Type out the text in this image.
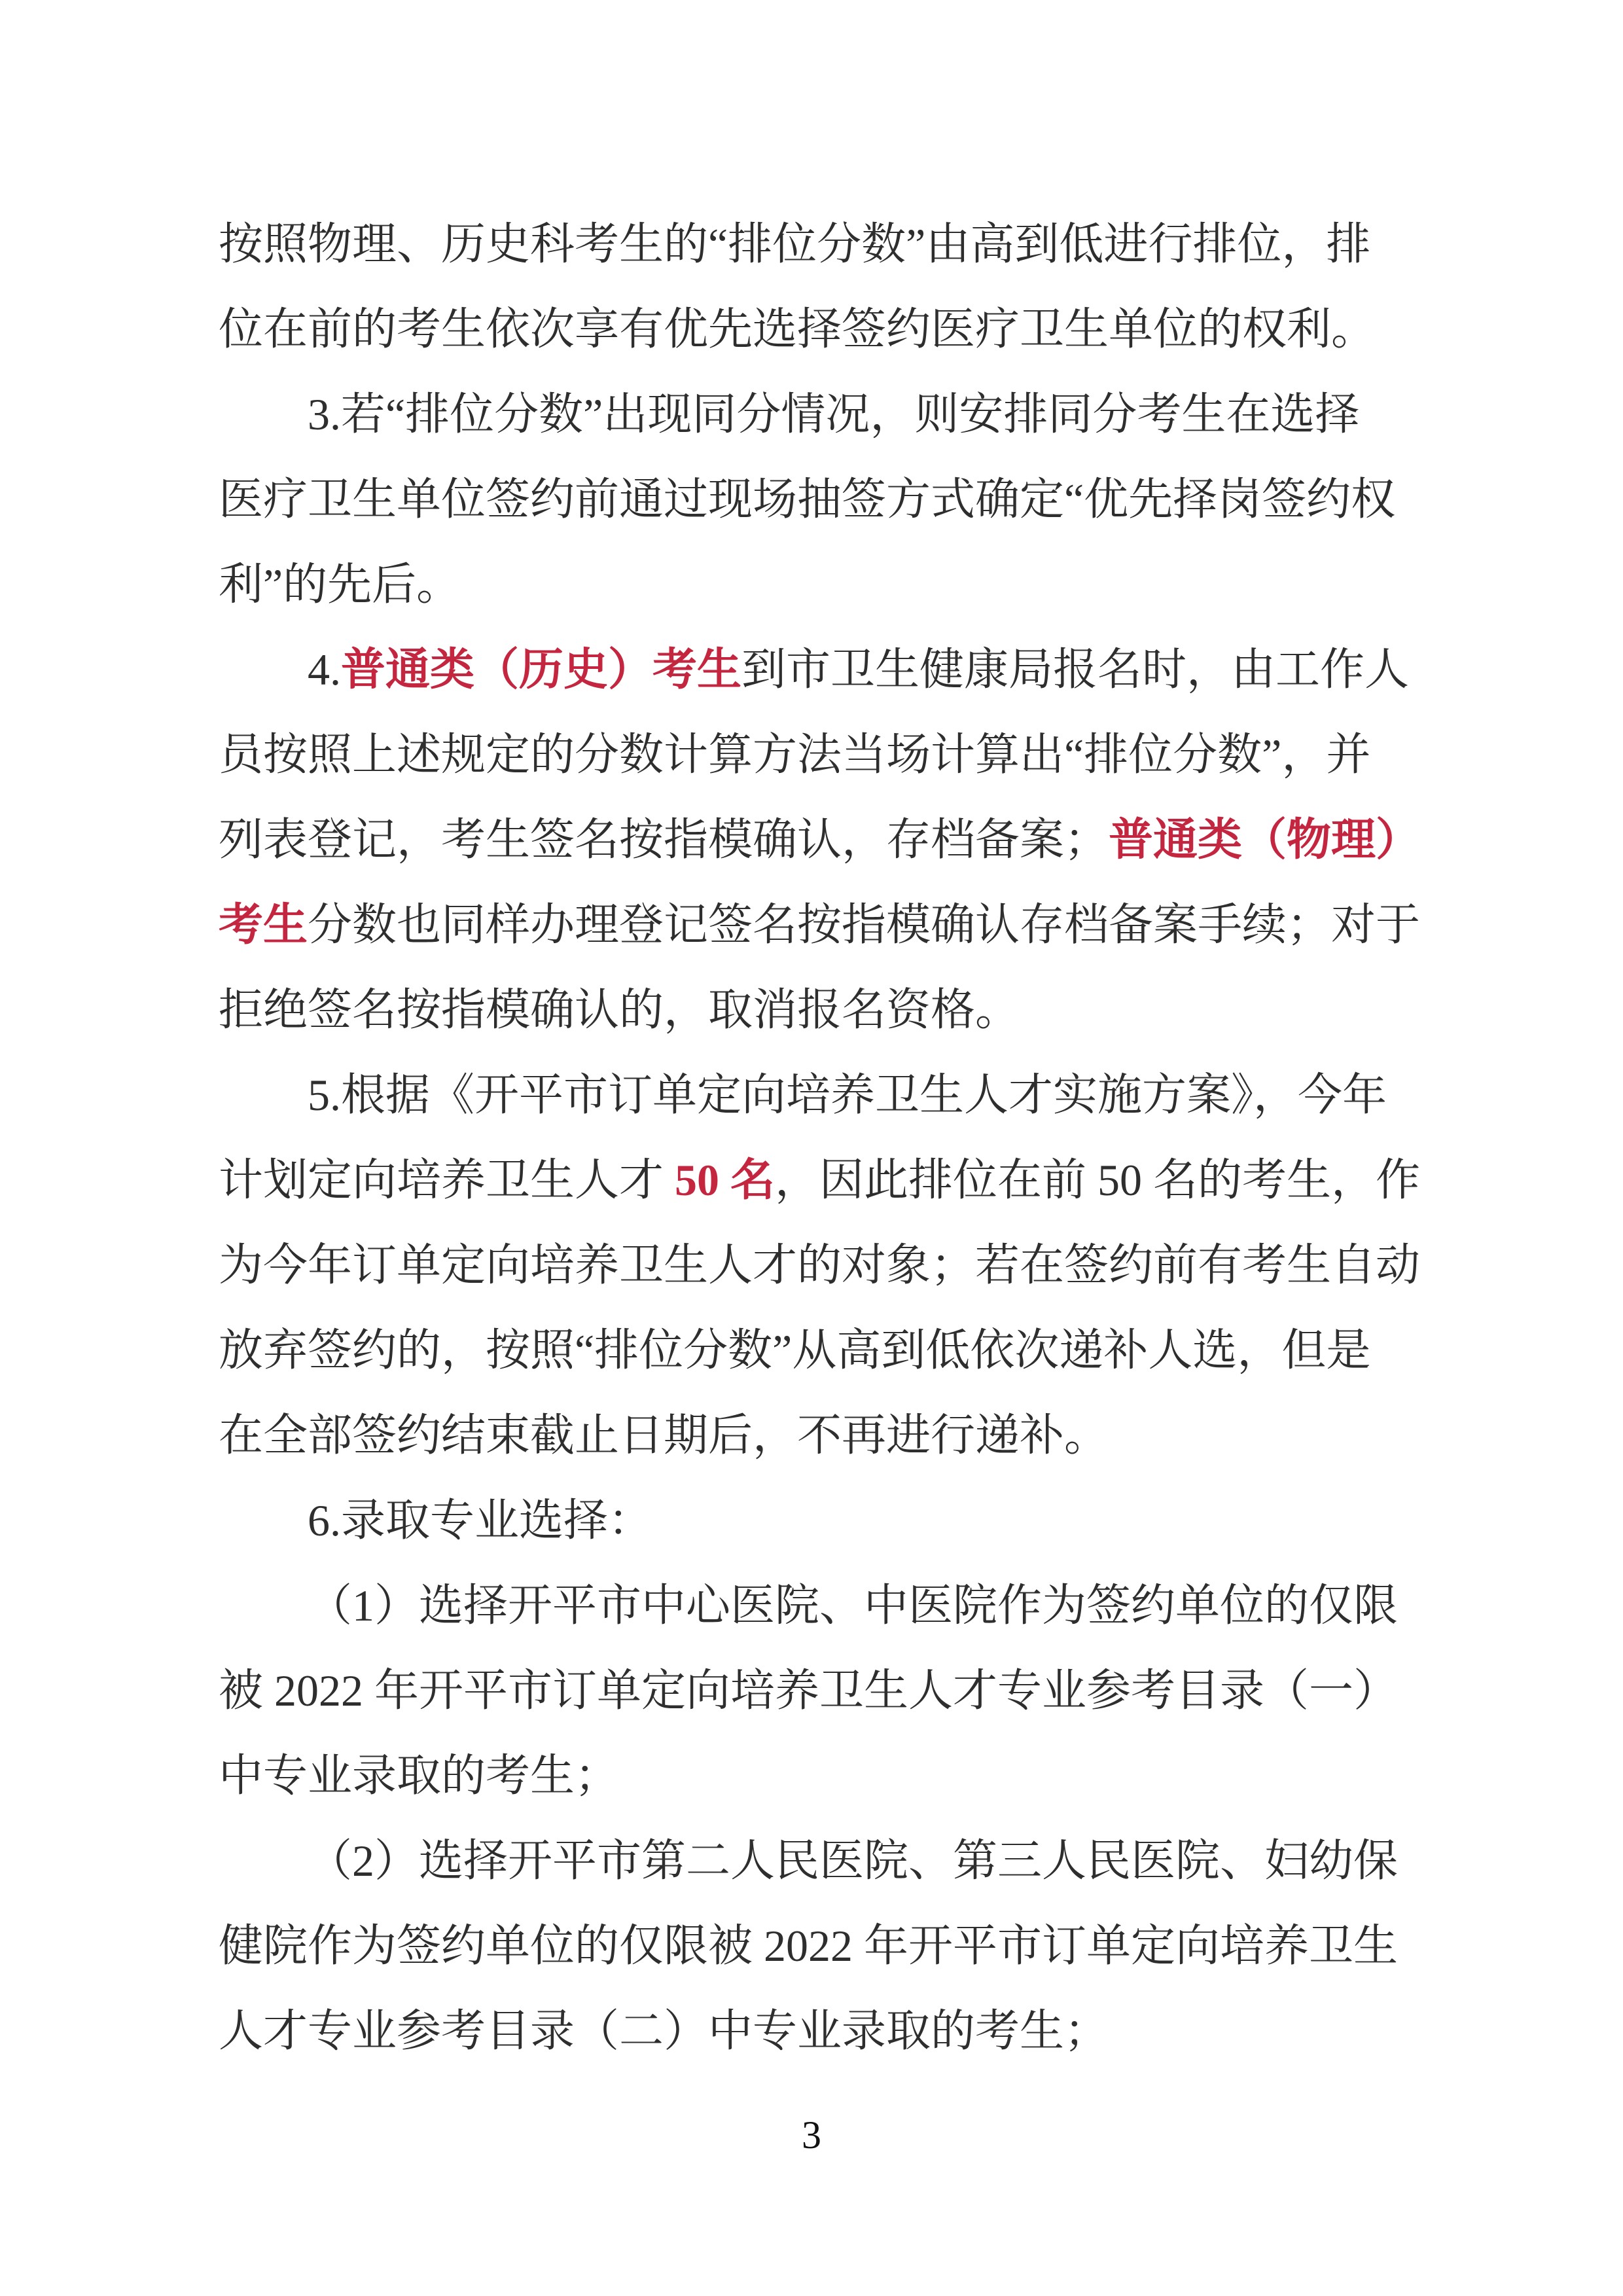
按照物理、历史科考生的“排位分数”由高到低进行排位，排
位在前的考生依次享有优先选择签约医疗卫生单位的权利。
3.若“排位分数”出现同分情况，则安排同分考生在选择
医疗卫生单位签约前通过现场抽签方式确定“优先择岗签约权
利”的先后。
4.普通类（历史）考生到市卫生健康局报名时，由工作人
员按照上述规定的分数计算方法当场计算出“排位分数”，并
列表登记，考生签名按指模确认，存档备案；普通类（物理）
考生分数也同样办理登记签名按指模确认存档备案手续；对于
拒绝签名按指模确认的，取消报名资格。
5.根据《开平市订单定向培养卫生人才实施方案》，今年
计划定向培养卫生人才 50 名，因此排位在前 50 名的考生，作
为今年订单定向培养卫生人才的对象；若在签约前有考生自动
放弃签约的，按照“排位分数”从高到低依次递补人选，但是
在全部签约结束截止日期后，不再进行递补。
6.录取专业选择：
（1）选择开平市中心医院、中医院作为签约单位的仅限
被 2022 年开平市订单定向培养卫生人才专业参考目录（一）
中专业录取的考生；
（2）选择开平市第二人民医院、第三人民医院、妇幼保
健院作为签约单位的仅限被 2022 年开平市订单定向培养卫生
人才专业参考目录（二）中专业录取的考生；
3
